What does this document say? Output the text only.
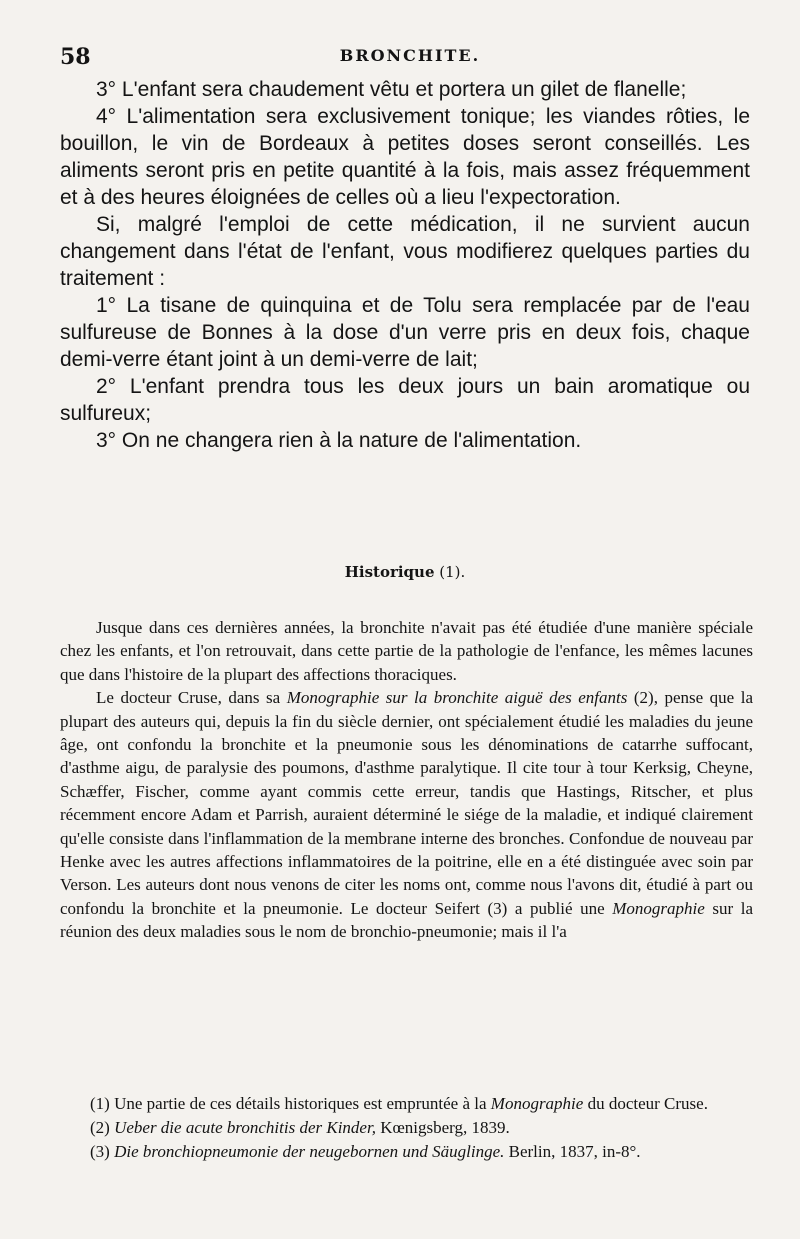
58	BRONCHITE.

3° L'enfant sera chaudement vêtu et portera un gilet de flanelle;

4° L'alimentation sera exclusivement tonique; les viandes rôties, le bouillon, le vin de Bordeaux à petites doses seront conseillés. Les aliments seront pris en petite quantité à la fois, mais assez fréquemment et à des heures éloignées de celles où a lieu l'expectoration.

Si, malgré l'emploi de cette médication, il ne survient aucun changement dans l'état de l'enfant, vous modifierez quelques parties du traitement :

1° La tisane de quinquina et de Tolu sera remplacée par de l'eau sulfureuse de Bonnes à la dose d'un verre pris en deux fois, chaque demi-verre étant joint à un demi-verre de lait;

2° L'enfant prendra tous les deux jours un bain aromatique ou sulfureux;

3° On ne changera rien à la nature de l'alimentation.

Historique (1).

Jusque dans ces dernières années, la bronchite n'avait pas été étudiée d'une manière spéciale chez les enfants, et l'on retrouvait, dans cette partie de la pathologie de l'enfance, les mêmes lacunes que dans l'histoire de la plupart des affections thoraciques.

Le docteur Cruse, dans sa Monographie sur la bronchite aiguë des enfants (2), pense que la plupart des auteurs qui, depuis la fin du siècle dernier, ont spécialement étudié les maladies du jeune âge, ont confondu la bronchite et la pneumonie sous les dénominations de catarrhe suffocant, d'asthme aigu, de paralysie des poumons, d'asthme paralytique. Il cite tour à tour Kerksig, Cheyne, Schæffer, Fischer, comme ayant commis cette erreur, tandis que Hastings, Ritscher, et plus récemment encore Adam et Parrish, auraient déterminé le siége de la maladie, et indiqué clairement qu'elle consiste dans l'inflammation de la membrane interne des bronches. Confondue de nouveau par Henke avec les autres affections inflammatoires de la poitrine, elle en a été distinguée avec soin par Verson. Les auteurs dont nous venons de citer les noms ont, comme nous l'avons dit, étudié à part ou confondu la bronchite et la pneumonie. Le docteur Seifert (3) a publié une Monographie sur la réunion des deux maladies sous le nom de bronchio-pneumonie; mais il l'a

(1) Une partie de ces détails historiques est empruntée à la Monographie du docteur Cruse.

(2) Ueber die acute bronchitis der Kinder, Kœnigsberg, 1839.

(3) Die bronchiopneumonie der neugebornen und Säuglinge. Berlin, 1837, in-8°.
